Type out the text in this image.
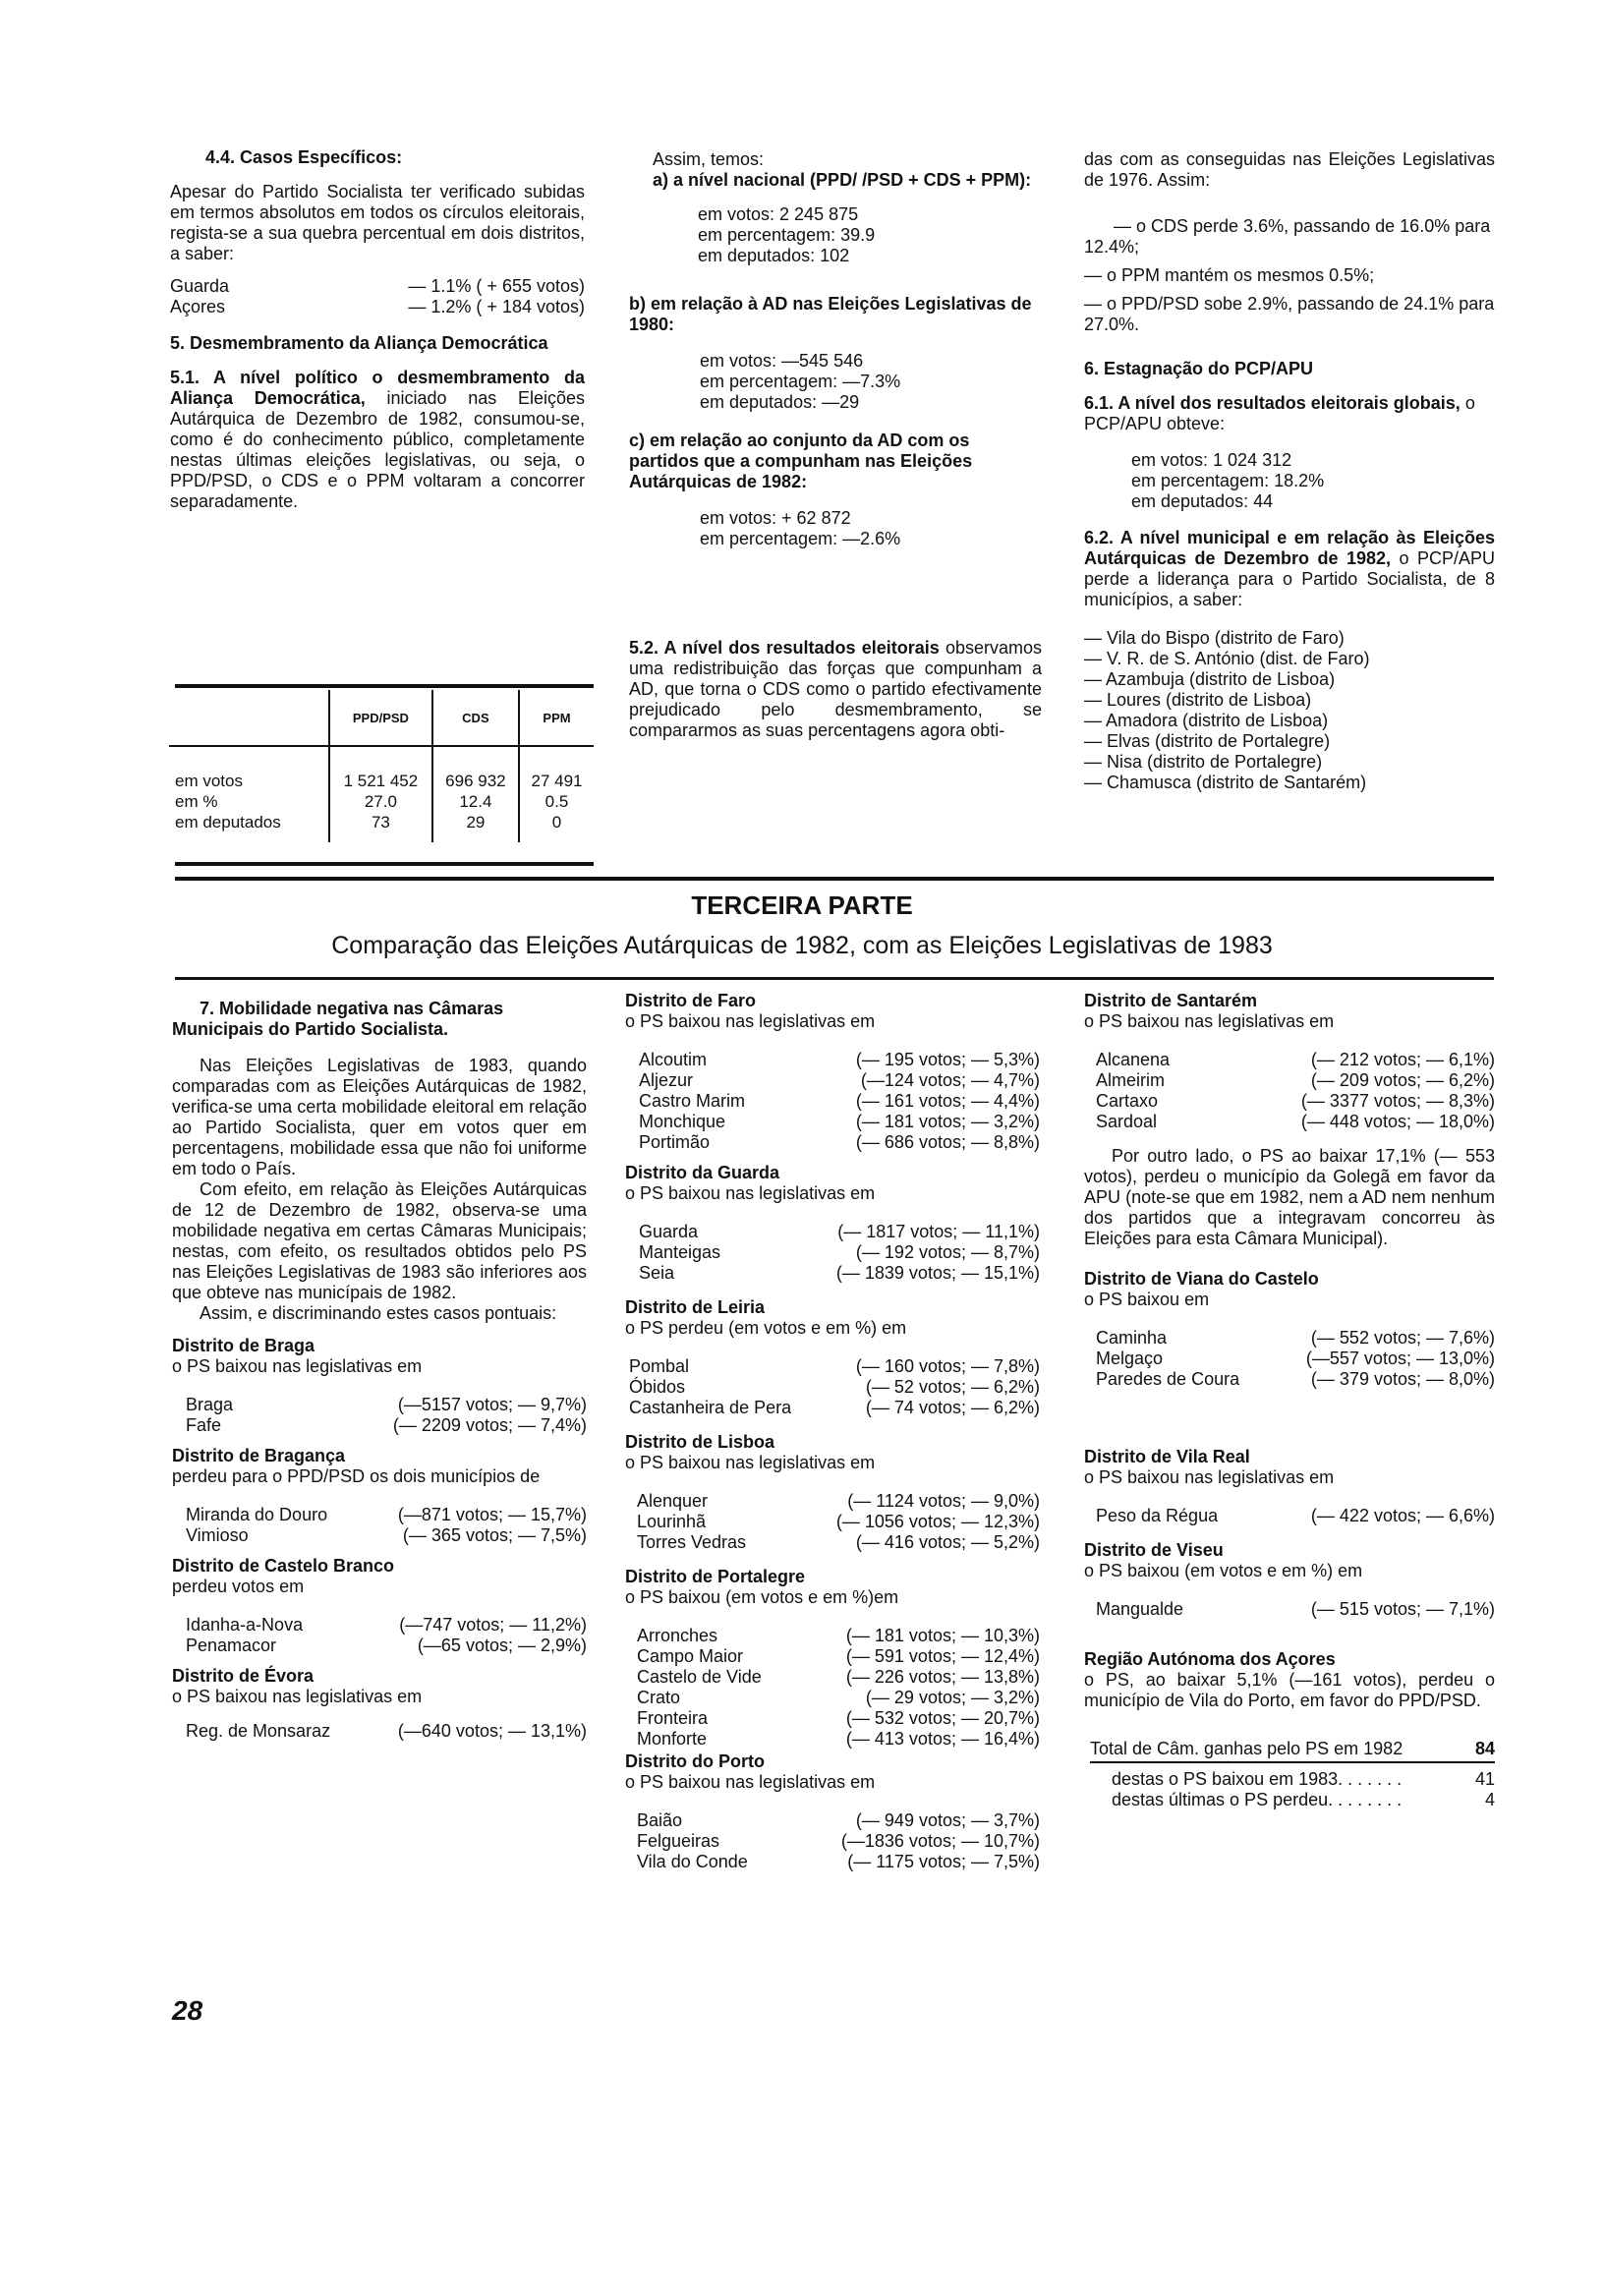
4.4. Casos Específicos:

Apesar do Partido Socialista ter verificado subidas em termos absolutos em todos os círculos eleitorais, regista-se a sua quebra percentual em dois distritos, a saber:

Guarda	— 1.1% ( + 655 votos)
Açores	— 1.2% ( + 184 votos)

5. Desmembramento da Aliança Democrática

5.1. A nível político o desmembramento da Aliança Democrática, iniciado nas Eleições Autárquica de Dezembro de 1982, consumou-se, como é do conhecimento público, completamente nestas últimas eleições legislativas, ou seja, o PPD/PSD, o CDS e o PPM voltaram a concorrer separadamente.

	PPD/PSD	CDS	PPM
em votos	1 521 452	696 932	27 491
em %	27.0	12.4	0.5
em deputados	73	29	0

Assim, temos:

a) a nível nacional (PPD/ /PSD + CDS + PPM):

em votos: 2 245 875
em percentagem: 39.9
em deputados: 102

b) em relação à AD nas Eleições Legislativas de 1980:

em votos: —545 546
em percentagem: —7.3%
em deputados: —29

c) em relação ao conjunto da AD com os partidos que a compunham nas Eleições Autárquicas de 1982:

em votos: + 62 872
em percentagem: —2.6%

5.2. A nível dos resultados eleitorais observamos uma redistribuição das forças que compunham a AD, que torna o CDS como o partido efectivamente prejudicado pelo desmembramento, se compararmos as suas percentagens agora obti-

das com as conseguidas nas Eleições Legislativas de 1976. Assim:

— o CDS perde 3.6%, passando de 16.0% para 12.4%;

— o PPM mantém os mesmos 0.5%;

— o PPD/PSD sobe 2.9%, passando de 24.1% para 27.0%.

6. Estagnação do PCP/APU

6.1. A nível dos resultados eleitorais globais, o PCP/APU obteve:

em votos: 1 024 312
em percentagem: 18.2%
em deputados: 44

6.2. A nível municipal e em relação às Eleições Autárquicas de Dezembro de 1982, o PCP/APU perde a liderança para o Partido Socialista, de 8 municípios, a saber:

— Vila do Bispo (distrito de Faro)
— V. R. de S. António (dist. de Faro)
— Azambuja (distrito de Lisboa)
— Loures (distrito de Lisboa)
— Amadora (distrito de Lisboa)
— Elvas (distrito de Portalegre)
— Nisa (distrito de Portalegre)
— Chamusca (distrito de Santarém)
TERCEIRA PARTE
Comparação das Eleições Autárquicas de 1982, com as Eleições Legislativas de 1983

7. Mobilidade negativa nas Câmaras Municipais do Partido Socialista.

Nas Eleições Legislativas de 1983, quando comparadas com as Eleições Autárquicas de 1982, verifica-se uma certa mobilidade eleitoral em relação ao Partido Socialista, quer em votos quer em percentagens, mobilidade essa que não foi uniforme em todo o País.

Com efeito, em relação às Eleições Autárquicas de 12 de Dezembro de 1982, observa-se uma mobilidade negativa em certas Câmaras Municipais; nestas, com efeito, os resultados obtidos pelo PS nas Eleições Legislativas de 1983 são inferiores aos que obteve nas municípais de 1982.

Assim, e discriminando estes casos pontuais:

Distrito de Braga
o PS baixou nas legislativas em
Braga	(—5157 votos; — 9,7%)
Fafe	(— 2209 votos; — 7,4%)
Distrito de Bragança
perdeu para o PPD/PSD os dois municípios de
Miranda do Douro	(—871 votos; — 15,7%)
Vimioso	(— 365 votos; — 7,5%)
Distrito de Castelo Branco
perdeu votos em
Idanha-a-Nova	(—747 votos; — 11,2%)
Penamacor	(—65 votos; — 2,9%)
Distrito de Évora
o PS baixou nas legislativas em
Reg. de Monsaraz	(—640 votos; — 13,1%)
28
Distrito de Faro
o PS baixou nas legislativas em
Alcoutim	(— 195 votos; — 5,3%)
Aljezur	(—124 votos; — 4,7%)
Castro Marim	(— 161 votos; — 4,4%)
Monchique	(— 181 votos; — 3,2%)
Portimão	(— 686 votos; — 8,8%)
Distrito da Guarda
o PS baixou nas legislativas em
Guarda	(— 1817 votos; — 11,1%)
Manteigas	(— 192 votos; — 8,7%)
Seia	(— 1839 votos; — 15,1%)
Distrito de Leiria
o PS perdeu (em votos e em %) em
Pombal	(— 160 votos; — 7,8%)
Óbidos	(— 52 votos; — 6,2%)
Castanheira de Pera	(— 74 votos; — 6,2%)
Distrito de Lisboa
o PS baixou nas legislativas em
Alenquer	(— 1124 votos; — 9,0%)
Lourinhã	(— 1056 votos; — 12,3%)
Torres Vedras	(— 416 votos; — 5,2%)
Distrito de Portalegre
o PS baixou (em votos e em %)em
Arronches	(— 181 votos; — 10,3%)
Campo Maior	(— 591 votos; — 12,4%)
Castelo de Vide	(— 226 votos; — 13,8%)
Crato	(— 29 votos; — 3,2%)
Fronteira	(— 532 votos; — 20,7%)
Monforte	(— 413 votos; — 16,4%)
Distrito do Porto
o PS baixou nas legislativas em
Baião	(— 949 votos; — 3,7%)
Felgueiras	(—1836 votos; — 10,7%)
Vila do Conde	(— 1175 votos; — 7,5%)
Distrito de Santarém
o PS baixou nas legislativas em
Alcanena	(— 212 votos; — 6,1%)
Almeirim	(— 209 votos; — 6,2%)
Cartaxo	(— 3377 votos; — 8,3%)
Sardoal	(— 448 votos; — 18,0%)

Por outro lado, o PS ao baixar 17,1% (— 553 votos), perdeu o município da Golegã em favor da APU (note-se que em 1982, nem a AD nem nenhum dos partidos que a integravam concorreu às Eleições para esta Câmara Municipal).

Distrito de Viana do Castelo
o PS baixou em
Caminha	(— 552 votos; — 7,6%)
Melgaço	(—557 votos; — 13,0%)
Paredes de Coura	(— 379 votos; — 8,0%)
Distrito de Vila Real
o PS baixou nas legislativas em
Peso da Régua	(— 422 votos; — 6,6%)
Distrito de Viseu
o PS baixou (em votos e em %) em
Mangualde	(— 515 votos; — 7,1%)
Região Autónoma dos Açores
o PS, ao baixar 5,1% (—161 votos), perdeu o município de Vila do Porto, em favor do PPD/PSD.
Total de Câm. ganhas pelo PS em 1982	84
destas o PS baixou em 1983. . . . . . .	41
destas últimas o PS perdeu. . . . . . . .	4
